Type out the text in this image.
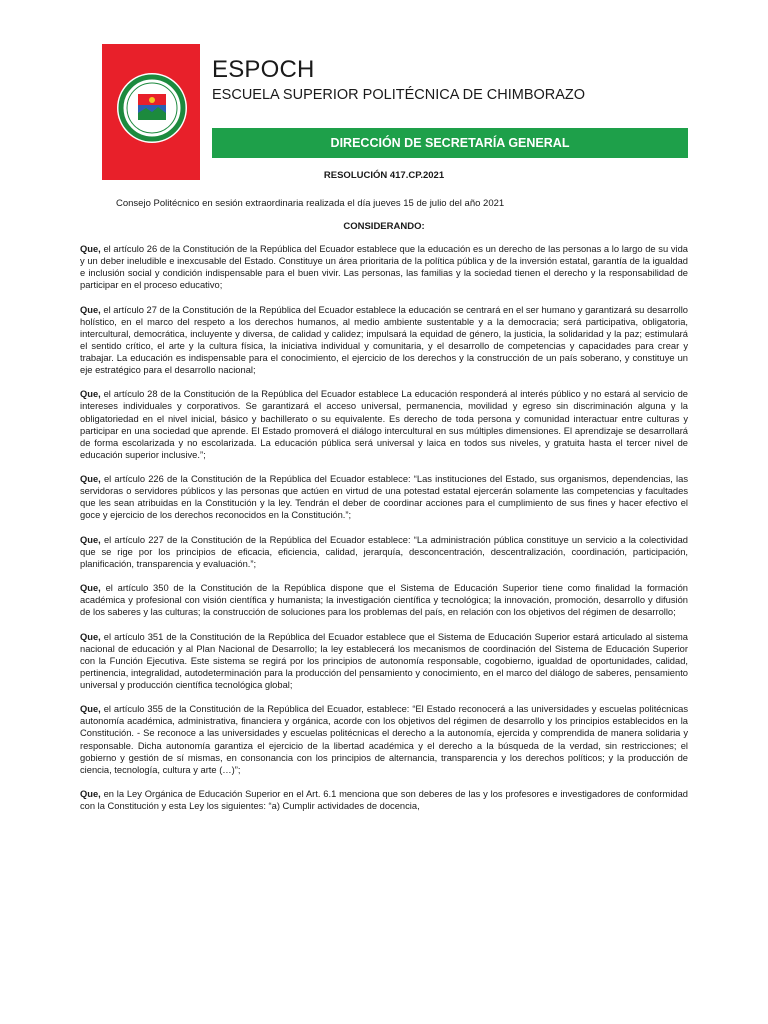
ESPOCH
ESCUELA SUPERIOR POLITÉCNICA DE CHIMBORAZO
DIRECCIÓN DE SECRETARÍA GENERAL
RESOLUCIÓN 417.CP.2021
Consejo Politécnico en sesión extraordinaria realizada el día jueves 15 de julio del año 2021
CONSIDERANDO:

Que, el artículo 26 de la Constitución de la República del Ecuador establece que la educación es un derecho de las personas a lo largo de su vida y un deber ineludible e inexcusable del Estado. Constituye un área prioritaria de la política pública y de la inversión estatal, garantía de la igualdad e inclusión social y condición indispensable para el buen vivir. Las personas, las familias y la sociedad tienen el derecho y la responsabilidad de participar en el proceso educativo;

Que, el artículo 27 de la Constitución de la República del Ecuador establece la educación se centrará en el ser humano y garantizará su desarrollo holístico, en el marco del respeto a los derechos humanos, al medio ambiente sustentable y a la democracia; será participativa, obligatoria, intercultural, democrática, incluyente y diversa, de calidad y calidez; impulsará la equidad de género, la justicia, la solidaridad y la paz; estimulará el sentido crítico, el arte y la cultura física, la iniciativa individual y comunitaria, y el desarrollo de competencias y capacidades para crear y trabajar. La educación es indispensable para el conocimiento, el ejercicio de los derechos y la construcción de un país soberano, y constituye un eje estratégico para el desarrollo nacional;

Que, el artículo 28 de la Constitución de la República del Ecuador establece La educación responderá al interés público y no estará al servicio de intereses individuales y corporativos. Se garantizará el acceso universal, permanencia, movilidad y egreso sin discriminación alguna y la obligatoriedad en el nivel inicial, básico y bachillerato o su equivalente. Es derecho de toda persona y comunidad interactuar entre culturas y participar en una sociedad que aprende. El Estado promoverá el diálogo intercultural en sus múltiples dimensiones. El aprendizaje se desarrollará de forma escolarizada y no escolarizada. La educación pública será universal y laica en todos sus niveles, y gratuita hasta el tercer nivel de educación superior inclusive.”;

Que, el artículo 226 de la Constitución de la República del Ecuador establece: “Las instituciones del Estado, sus organismos, dependencias, las servidoras o servidores públicos y las personas que actúen en virtud de una potestad estatal ejercerán solamente las competencias y facultades que les sean atribuidas en la Constitución y la ley. Tendrán el deber de coordinar acciones para el cumplimiento de sus fines y hacer efectivo el goce y ejercicio de los derechos reconocidos en la Constitución.”;

Que, el artículo 227 de la Constitución de la República del Ecuador establece: “La administración pública constituye un servicio a la colectividad que se rige por los principios de eficacia, eficiencia, calidad, jerarquía, desconcentración, descentralización, coordinación, participación, planificación, transparencia y evaluación.”;

Que, el artículo 350 de la Constitución de la República dispone que el Sistema de Educación Superior tiene como finalidad la formación académica y profesional con visión científica y humanista; la investigación científica y tecnológica; la innovación, promoción, desarrollo y difusión de los saberes y las culturas; la construcción de soluciones para los problemas del país, en relación con los objetivos del régimen de desarrollo;

Que, el artículo 351 de la Constitución de la República del Ecuador establece que el Sistema de Educación Superior estará articulado al sistema nacional de educación y al Plan Nacional de Desarrollo; la ley establecerá los mecanismos de coordinación del Sistema de Educación Superior con la Función Ejecutiva. Este sistema se regirá por los principios de autonomía responsable, cogobierno, igualdad de oportunidades, calidad, pertinencia, integralidad, autodeterminación para la producción del pensamiento y conocimiento, en el marco del diálogo de saberes, pensamiento universal y producción científica tecnológica global;

Que, el artículo 355 de la Constitución de la República del Ecuador, establece: “El Estado reconocerá a las universidades y escuelas politécnicas autonomía académica, administrativa, financiera y orgánica, acorde con los objetivos del régimen de desarrollo y los principios establecidos en la Constitución. - Se reconoce a las universidades y escuelas politécnicas el derecho a la autonomía, ejercida y comprendida de manera solidaria y responsable. Dicha autonomía garantiza el ejercicio de la libertad académica y el derecho a la búsqueda de la verdad, sin restricciones; el gobierno y gestión de sí mismas, en consonancia con los principios de alternancia, transparencia y los derechos políticos; y la producción de ciencia, tecnología, cultura y arte (…)”;

Que, en la Ley Orgánica de Educación Superior en el Art. 6.1 menciona que son deberes de las y los profesores e investigadores de conformidad con la Constitución y esta Ley los siguientes: “a) Cumplir actividades de docencia,
